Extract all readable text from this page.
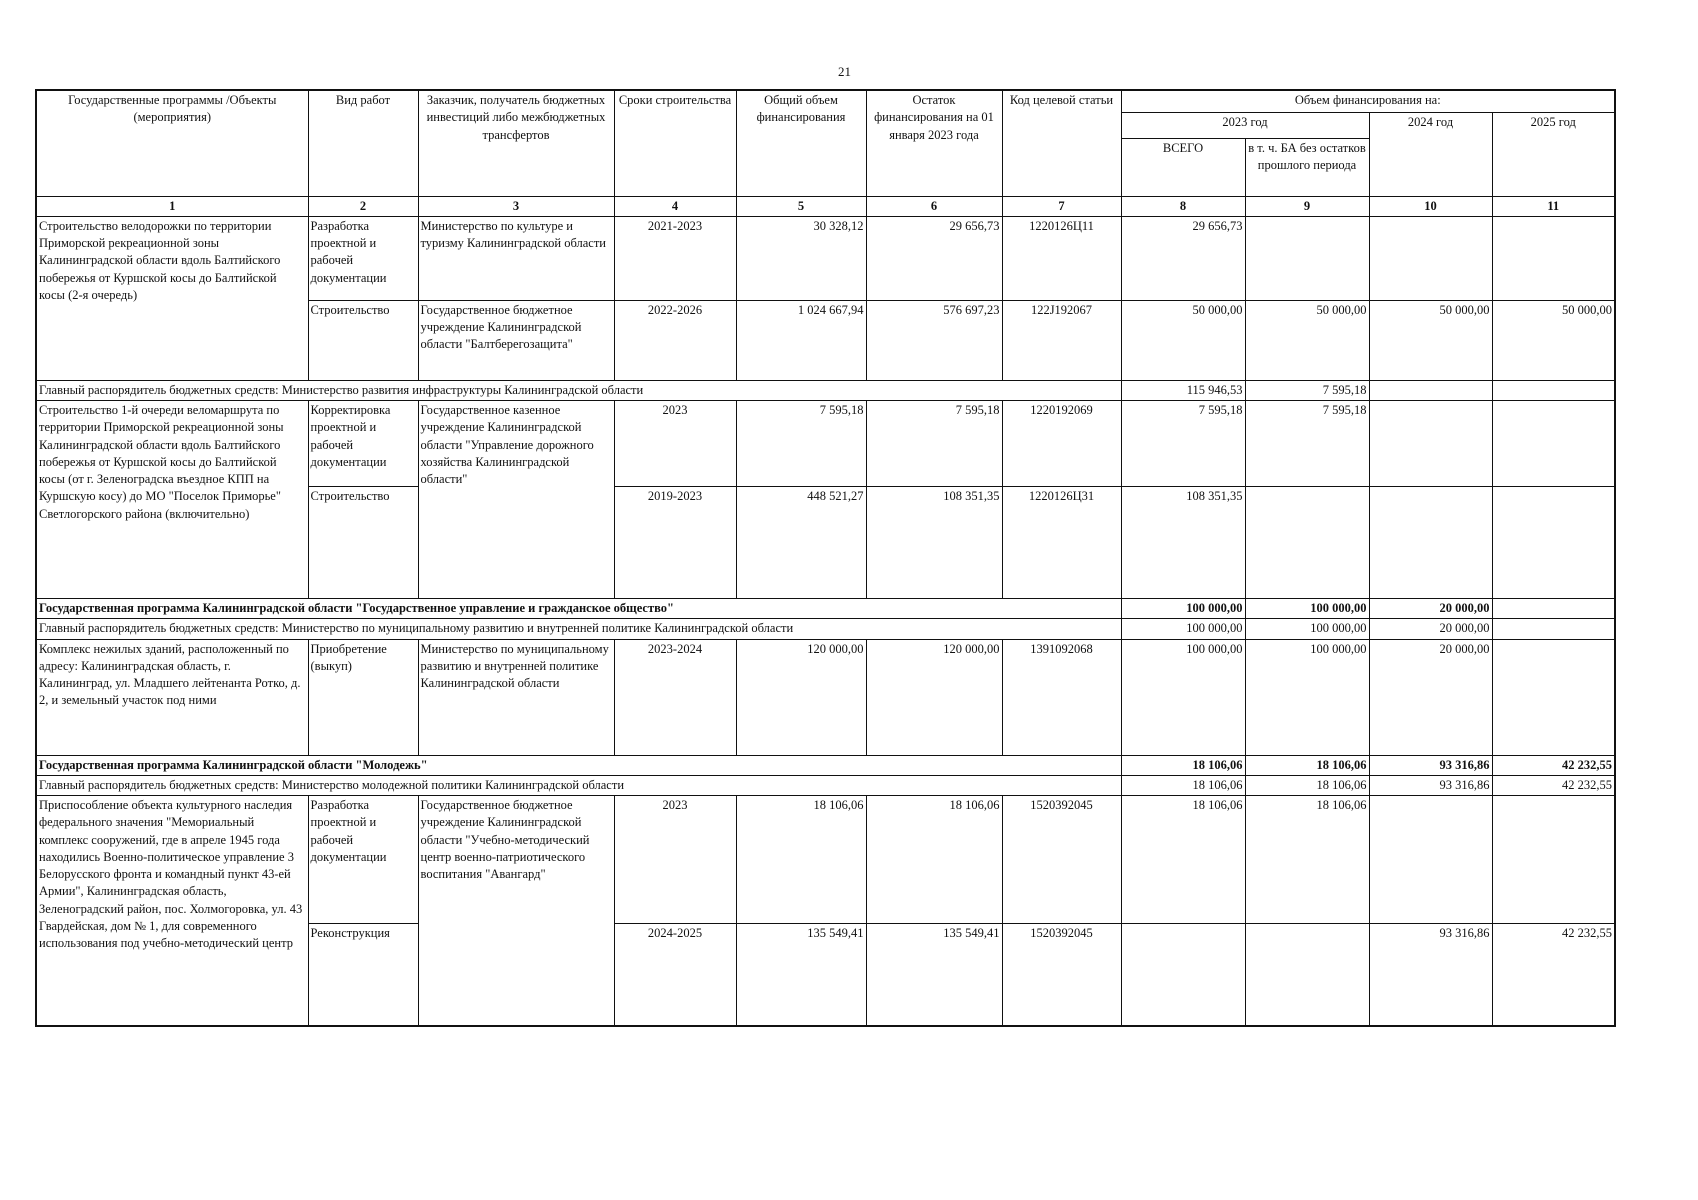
21
Государственные программы /Объекты (мероприятия)	Вид работ	Заказчик, получатель бюджетных инвестиций либо межбюджетных трансфертов	Сроки строительства	Общий объем финансирования	Остаток финансирования на 01 января 2023 года	Код целевой статьи	Объем финансирования на:			
							2023 год		2024 год	2025 год
							ВСЕГО	в т. ч. БА без остатков прошлого периода		
1	2	3	4	5	6	7	8	9	10	11
Строительство велодорожки по территории Приморской рекреационной зоны Калининградской области вдоль Балтийского побережья от Куршской косы до Балтийской косы (2-я очередь)	Разработка проектной и рабочей документации	Министерство по культуре и туризму Калининградской области	2021-2023	30 328,12	29 656,73	1220126Ц11	29 656,73			
	Строительство	Государственное бюджетное учреждение Калининградской области "Балтберегозащита"	2022-2026	1 024 667,94	576 697,23	122J192067	50 000,00	50 000,00	50 000,00	50 000,00
Главный распорядитель бюджетных средств: Министерство развития инфраструктуры Калининградской области							115 946,53	7 595,18		
Строительство 1-й очереди веломаршрута по территории Приморской рекреационной зоны Калининградской области вдоль Балтийского побережья от Куршской косы до Балтийской косы (от г. Зеленоградска въездное КПП на Куршскую косу) до МО "Поселок Приморье" Светлогорского района (включительно)	Корректировка проектной и рабочей документации	Государственное казенное учреждение Калининградской области "Управление дорожного хозяйства Калининградской области"	2023	7 595,18	7 595,18	1220192069	7 595,18	7 595,18		
	Строительство		2019-2023	448 521,27	108 351,35	1220126Ц31	108 351,35			
Государственная программа Калининградской области "Государственное управление и гражданское общество"							100 000,00	100 000,00	20 000,00	
Главный распорядитель бюджетных средств: Министерство по муниципальному развитию и внутренней политике Калининградской области							100 000,00	100 000,00	20 000,00	
Комплекс нежилых зданий, расположенный по адресу: Калининградская область, г. Калининград, ул. Младшего лейтенанта Ротко, д. 2, и земельный участок под ними	Приобретение (выкуп)	Министерство по муниципальному развитию и внутренней политике Калининградской области	2023-2024	120 000,00	120 000,00	1391092068	100 000,00	100 000,00	20 000,00	
Государственная программа Калининградской области "Молодежь"							18 106,06	18 106,06	93 316,86	42 232,55
Главный распорядитель бюджетных средств: Министерство молодежной политики Калининградской области							18 106,06	18 106,06	93 316,86	42 232,55
Приспособление объекта культурного наследия федерального значения "Мемориальный комплекс сооружений, где в апреле 1945 года находились Военно-политическое управление 3 Белорусского фронта и командный пункт 43-ей Армии", Калининградская область, Зеленоградский район, пос. Холмогоровка, ул. 43 Гвардейская, дом № 1, для современного использования под учебно-методический центр	Разработка проектной и рабочей документации	Государственное бюджетное учреждение Калининградской области "Учебно-методический центр военно-патриотического воспитания "Авангард"	2023	18 106,06	18 106,06	1520392045	18 106,06	18 106,06		
	Реконструкция		2024-2025	135 549,41	135 549,41	1520392045			93 316,86	42 232,55
